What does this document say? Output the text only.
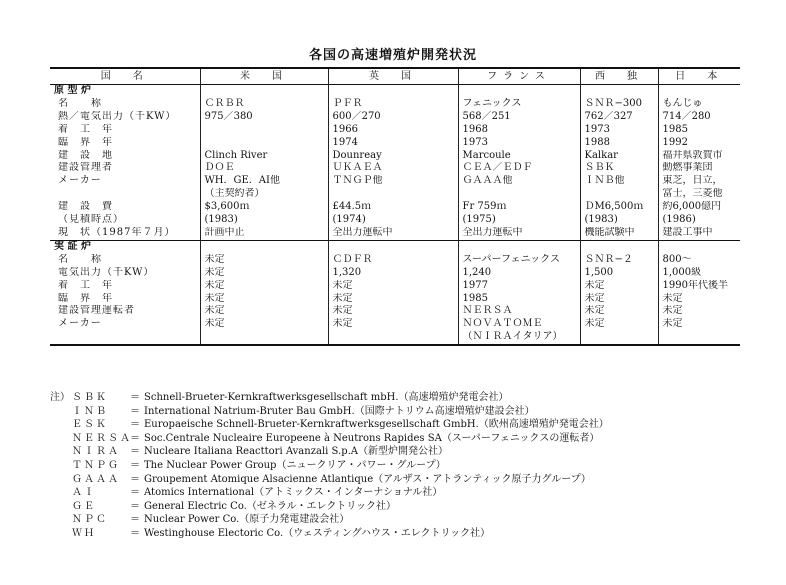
各国の高速増殖炉開発状況
国　名	米　国	英　国	フランス	西　独	日　本
原 型 炉					
名　　称	ＣＲＢＲ	ＰＦＲ	フェニックス	ＳＮＲ−300	もんじゅ
熱／電気出力（千KW）	975／380	600／270	568／251	762／327	714／280
着　工　年		1966	1968	1973	1985
臨　界　年		1974	1973	1988	1992
建　設　地	Clinch River	Dounreay	Marcoule	Kalkar	福井県敦賀市
建設管理者	ＤＯＥ	ＵＫＡＥＡ	ＣＥＡ／ＥＤＦ	ＳＢＫ	動燃事業団
メーカー	WH．GE．AI他	ＴＮＧＰ他	ＧＡＡＡ他	ＩＮＢ他	東芝，日立，
	（主契約者）				富士，三菱他
建　設　費	$3,600ｍ	£44.5ｍ	Fr 759ｍ	ＤM6,500ｍ	約6,000億円
（見積時点）	(1983)	(1974)	(1975)	(1983)	(1986)
現　状（1987年７月）	計画中止	全出力運転中	全出力運転中	機能試験中	建設工事中
実 証 炉					
名　　称	未定	ＣＤＦＲ	スーパーフェニックス	ＳＮＲ−２	800〜
電気出力（千KW）	未定	1,320	1,240	1,500	1,000級
着　工　年	未定	未定	1977	未定	1990年代後半
臨　界　年	未定	未定	1985	未定	未定
建設管理運転者	未定	未定	ＮＥＲＳＡ	未定	未定
メーカー	未定	未定	ＮＯＶＡＴＯＭＥ	未定	未定
			（ＮＩＲＡイタリア）		
注） ＳＢＫ	＝ Schnell-Brueter-Kernkraftwerksgesellschaft mbH.（高速増殖炉発電会社）
ＩＮＢ	＝ International Natrium-Bruter Bau GmbH.（国際ナトリウム高速増殖炉建設会社）
ＥＳＫ	＝ Europaeische Schnell-Brueter-Kernkraftwerksgesellschaft GmbH.（欧州高速増殖炉発電会社）
ＮＥＲＳＡ
＝ Soc.Centrale Nucleaire Europeene à Neutrons Rapides SA（スーパーフェニックスの運転者）
ＮＩＲＡ	＝ Nucleare Italiana Reacttori Avanzali S.p.A（新型炉開発公社）
ＴＮＰＧ	＝ The Nuclear Power Group（ニュークリア・パワー・グループ）
ＧＡＡＡ	＝ Groupement Atomique Alsacienne Atlantique（アルザス・アトランティック原子力グループ）
ＡＩ	＝ Atomics International（アトミックス・インターナショナル社）
ＧＥ	＝ General Electric Co.（ゼネラル・エレクトリック社）
ＮＰＣ	＝ Nuclear Power Co.（原子力発電建設会社）
ＷＨ	＝ Westinghouse Electoric Co.（ウェスティングハウス・エレクトリック社）
